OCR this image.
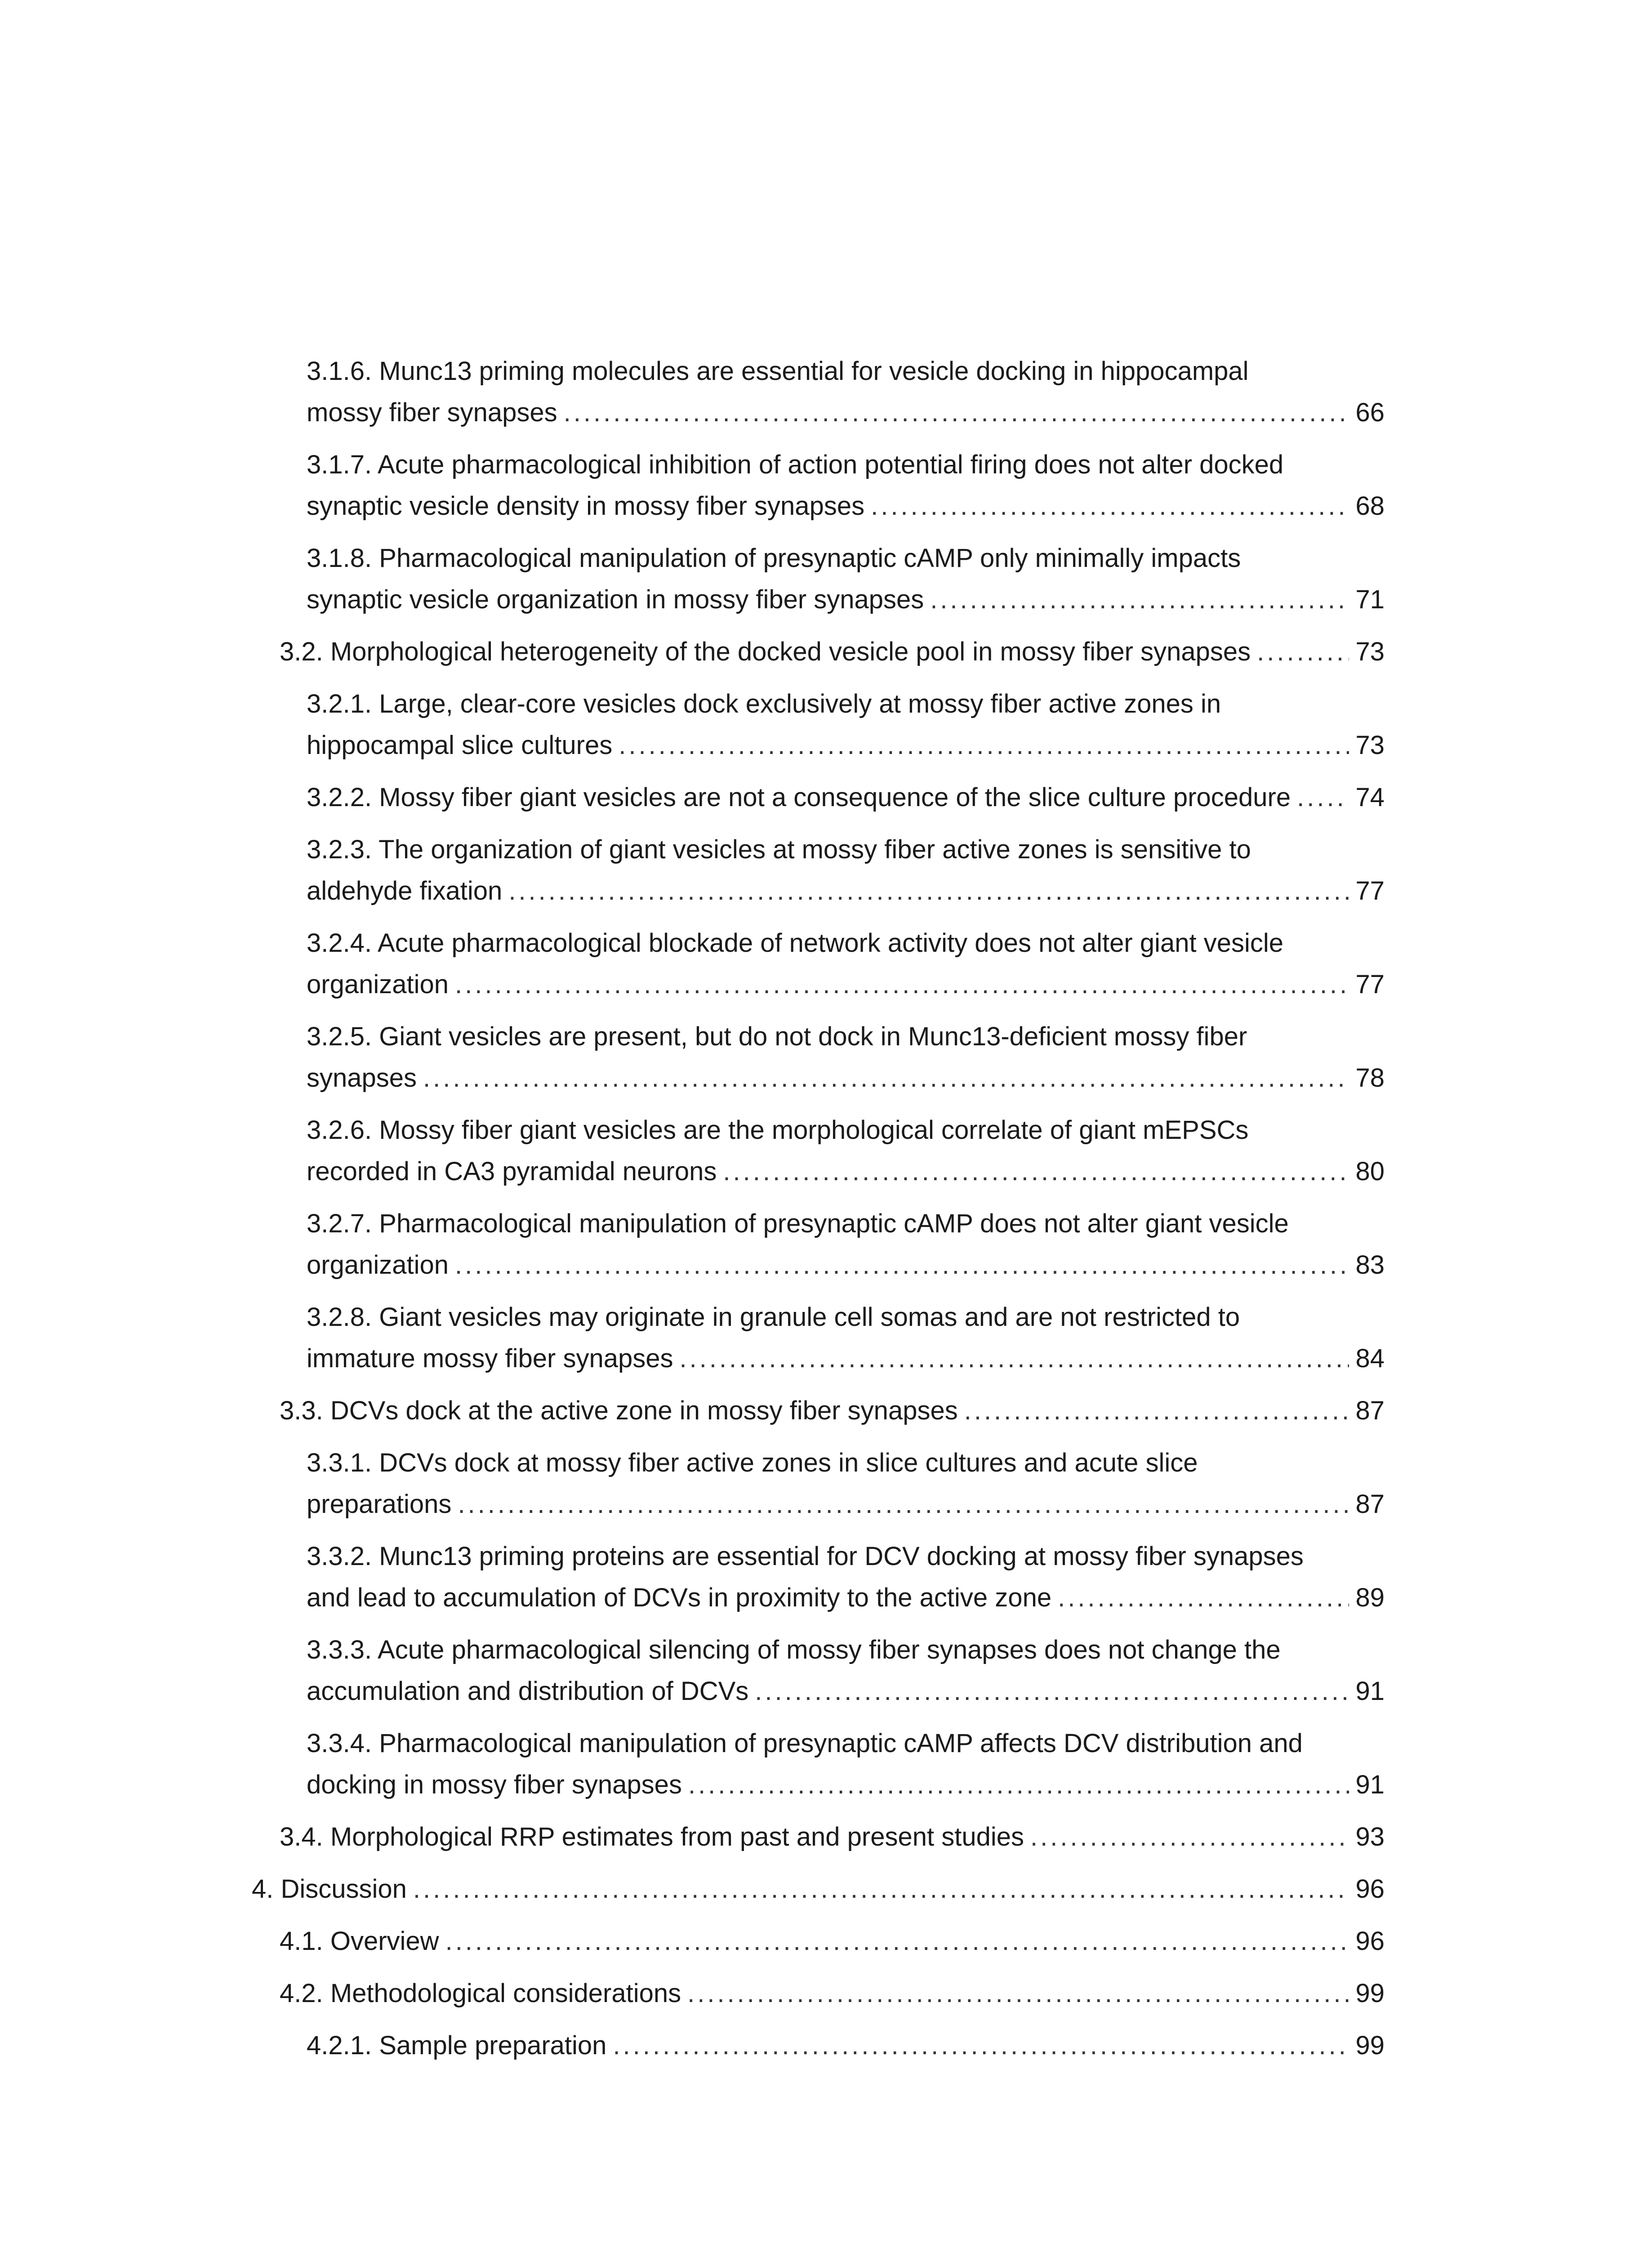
3.1.6. Munc13 priming molecules are essential for vesicle docking in hippocampal
mossy fiber synapses .....	66
3.1.7. Acute pharmacological inhibition of action potential firing does not alter docked
synaptic vesicle density in mossy fiber synapses .....	68
3.1.8. Pharmacological manipulation of presynaptic cAMP only minimally impacts
synaptic vesicle organization in mossy fiber synapses .....	71
3.2. Morphological heterogeneity of the docked vesicle pool in mossy fiber synapses .....	73
3.2.1. Large, clear-core vesicles dock exclusively at mossy fiber active zones in
hippocampal slice cultures .....	73
3.2.2. Mossy fiber giant vesicles are not a consequence of the slice culture procedure ..... 74
3.2.3. The organization of giant vesicles at mossy fiber active zones is sensitive to
aldehyde fixation .....	77
3.2.4. Acute pharmacological blockade of network activity does not alter giant vesicle
organization .....	77
3.2.5. Giant vesicles are present, but do not dock in Munc13-deficient mossy fiber
synapses .....	78
3.2.6. Mossy fiber giant vesicles are the morphological correlate of giant mEPSCs
recorded in CA3 pyramidal neurons .....	80
3.2.7. Pharmacological manipulation of presynaptic cAMP does not alter giant vesicle
organization .....	83
3.2.8. Giant vesicles may originate in granule cell somas and are not restricted to
immature mossy fiber synapses .....	84
3.3. DCVs dock at the active zone in mossy fiber synapses .....	87
3.3.1. DCVs dock at mossy fiber active zones in slice cultures and acute slice
preparations .....	87
3.3.2. Munc13 priming proteins are essential for DCV docking at mossy fiber synapses
and lead to accumulation of DCVs in proximity to the active zone .....	89
3.3.3. Acute pharmacological silencing of mossy fiber synapses does not change the
accumulation and distribution of DCVs .....	91
3.3.4. Pharmacological manipulation of presynaptic cAMP affects DCV distribution and
docking in mossy fiber synapses .....	91
3.4. Morphological RRP estimates from past and present studies .....	93
4. Discussion .....	96
4.1. Overview .....	96
4.2. Methodological considerations .....	99
4.2.1. Sample preparation .....	99
